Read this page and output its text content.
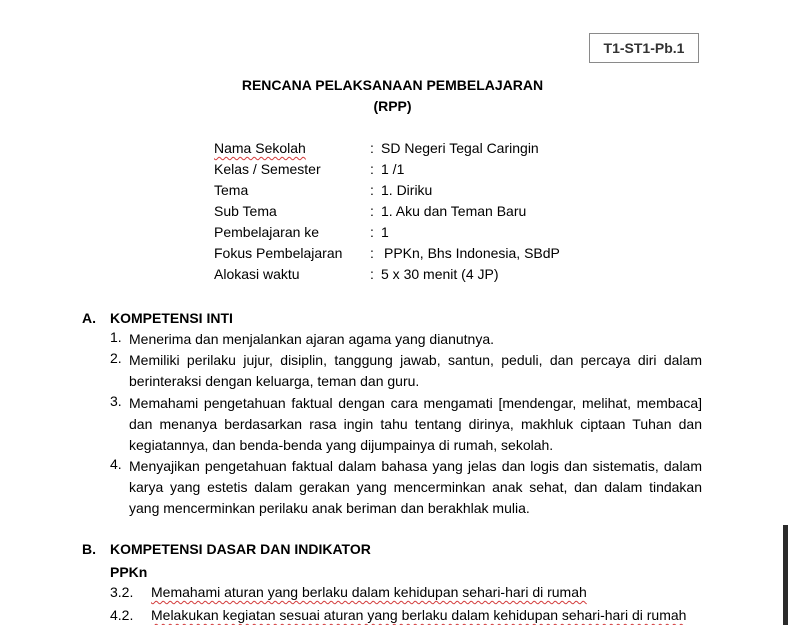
T1-ST1-Pb.1
RENCANA PELAKSANAAN PEMBELAJARAN
(RPP)
Nama Sekolah	: SD Negeri Tegal Caringin
Kelas / Semester	: 1 /1
Tema	: 1. Diriku
Sub Tema	: 1. Aku dan Teman Baru
Pembelajaran ke	: 1
Fokus Pembelajaran : PPKn, Bhs Indonesia, SBdP
Alokasi waktu	: 5 x 30 menit (4 JP)
A. KOMPETENSI INTI
1. Menerima dan menjalankan ajaran agama yang dianutnya.
2. Memiliki perilaku jujur, disiplin, tanggung jawab, santun, peduli, dan percaya diri dalam berinteraksi dengan keluarga, teman dan guru.
3. Memahami pengetahuan faktual dengan cara mengamati [mendengar, melihat, membaca] dan menanya berdasarkan rasa ingin tahu tentang dirinya, makhluk ciptaan Tuhan dan kegiatannya, dan benda-benda yang dijumpainya di rumah, sekolah.
4. Menyajikan pengetahuan faktual dalam bahasa yang jelas dan logis dan sistematis, dalam karya yang estetis dalam gerakan yang mencerminkan anak sehat, dan dalam tindakan yang mencerminkan perilaku anak beriman dan berakhlak mulia.
B. KOMPETENSI DASAR DAN INDIKATOR
PPKn
3.2. Memahami aturan yang berlaku dalam kehidupan sehari-hari di rumah
4.2. Melakukan kegiatan sesuai aturan yang berlaku dalam kehidupan sehari-hari di rumah
